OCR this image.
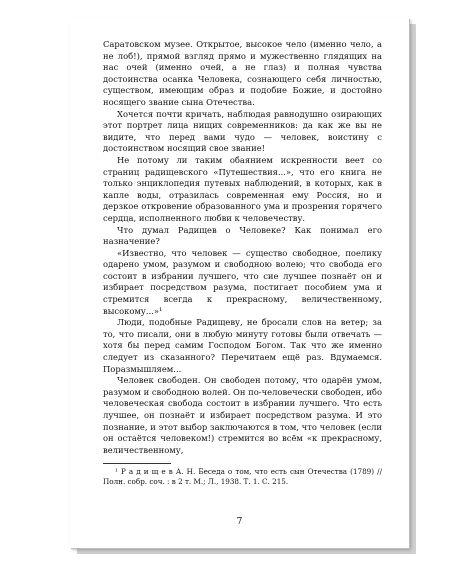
Саратовском музее. Открытое, высокое чело (именно чело, а не лоб!), прямой взгляд прямо и мужественно глядящих на нас очей (именно очей, а не глаз) и полная чувства достоинства осанка Человека, сознающего себя личностью, существом, имеющим образ и подобие Божие, и достойно носящего звание сына Отечества.

Хочется почти кричать, наблюдая равнодушно озирающих этот портрет лица нищих современников: да как же вы не видите, что перед вами чудо — человек, воистину с достоинством носящий свое звание!

Не потому ли таким обаянием искренности веет со страниц радищевского «Путешествия...», что его книга не только энциклопедия путевых наблюдений, в которых, как в капле воды, отразилась современная ему Россия, но и дерзкое откровение образованного ума и прозрения горячего сердца, исполненного любви к человечеству.

Что думал Радищев о Человеке? Как понимал его назначение?

«Известно, что человек — существо свободное, поелику одарено умом, разумом и свободною волею; что свобода его состоит в избрании лучшего, что сие лучшее познаёт он и избирает посредством разума, постигает пособием ума и стремится всегда к прекрасному, величественному, высокому...»¹

Люди, подобные Радищеву, не бросали слов на ветер; за то, что писали, они в любую минуту готовы были отвечать — хотя бы перед самим Господом Богом. Так что же именно следует из сказанного? Перечитаем ещё раз. Вдумаемся. Поразмышляем...

Человек свободен. Он свободен потому, что одарён умом, разумом и свободною волей. Он по-человечески свободен, ибо человеческая свобода состоит в избрании лучшего. Что есть лучшее, он познаёт и избирает посредством разума. И это познание, и этот выбор заключаются в том, что человек (если он остаётся человеком!) стремится во всём «к прекрасному, величественному,

¹ Р а д и щ е в А. Н. Беседа о том, что есть сын Отечества (1789) // Полн. собр. соч. : в 2 т. М.; Л., 1938. Т. 1. С. 215.

7
